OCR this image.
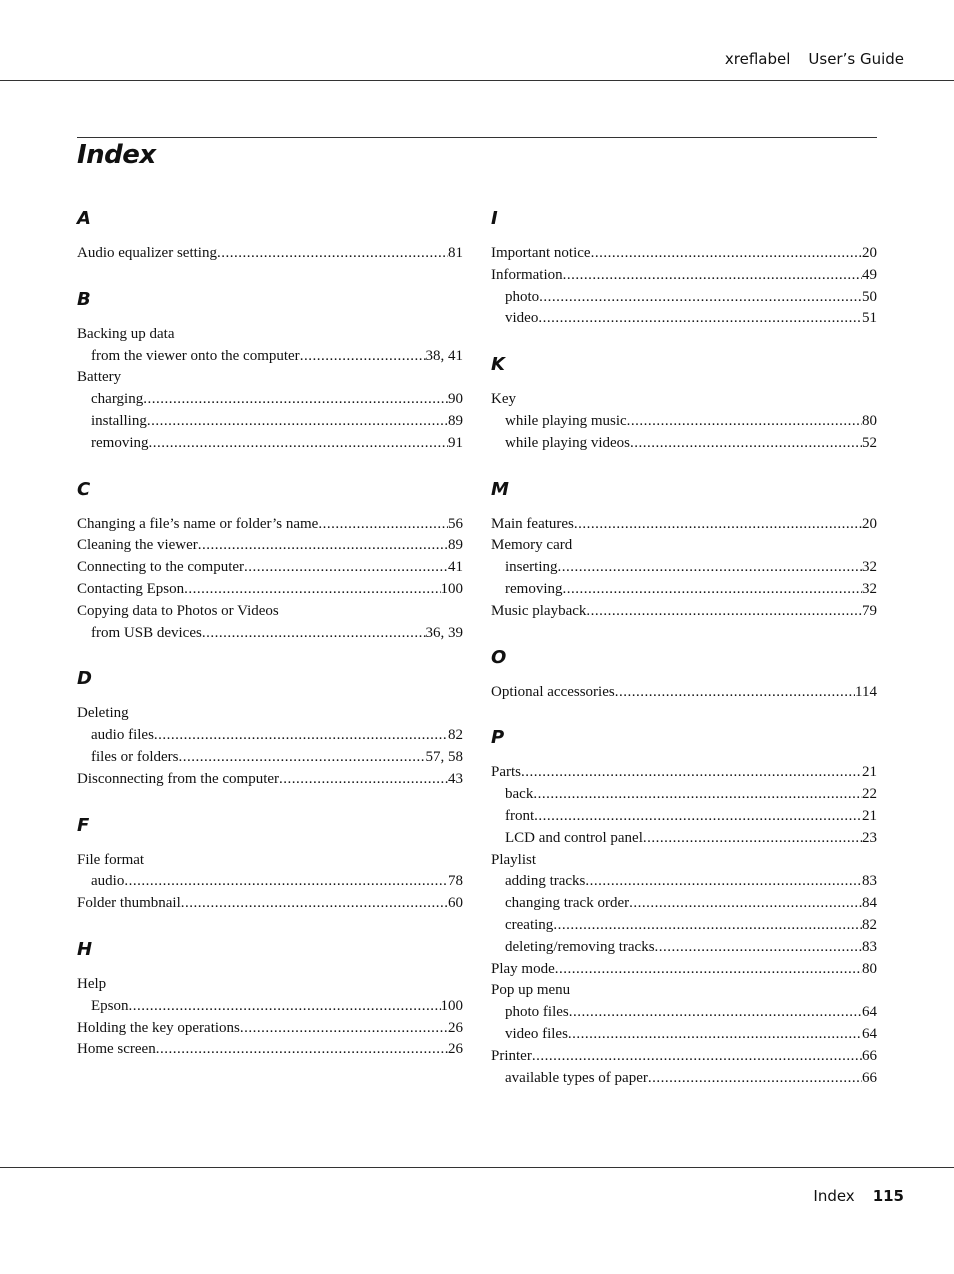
xreflabel User’s Guide
Index
A
Audio equalizer setting .....	81
B
Backing up data
from the viewer onto the computer .....	38, 41
Battery
charging .....	90
installing .....	89
removing .....	91
C
Changing a file’s name or folder’s name .....	56
Cleaning the viewer .....	89
Connecting to the computer .....	41
Contacting Epson .....	100
Copying data to Photos or Videos
from USB devices .....	36, 39
D
Deleting
audio files .....	82
files or folders .....	57, 58
Disconnecting from the computer .....	43
F
File format
audio .....	78
Folder thumbnail .....	60
H
Help
Epson .....	100
Holding the key operations .....	26
Home screen .....	26
I
Important notice .....	20
Information .....	49
photo .....	50
video .....	51
K
Key
while playing music .....	80
while playing videos .....	52
M
Main features .....	20
Memory card
inserting .....	32
removing .....	32
Music playback .....	79
O
Optional accessories .....	114
P
Parts .....	21
back .....	22
front .....	21
LCD and control panel .....	23
Playlist
adding tracks .....	83
changing track order .....	84
creating .....	82
deleting/removing tracks .....	83
Play mode .....	80
Pop up menu
photo files .....	64
video files .....	64
Printer .....	66
available types of paper .....	66
Index 115
